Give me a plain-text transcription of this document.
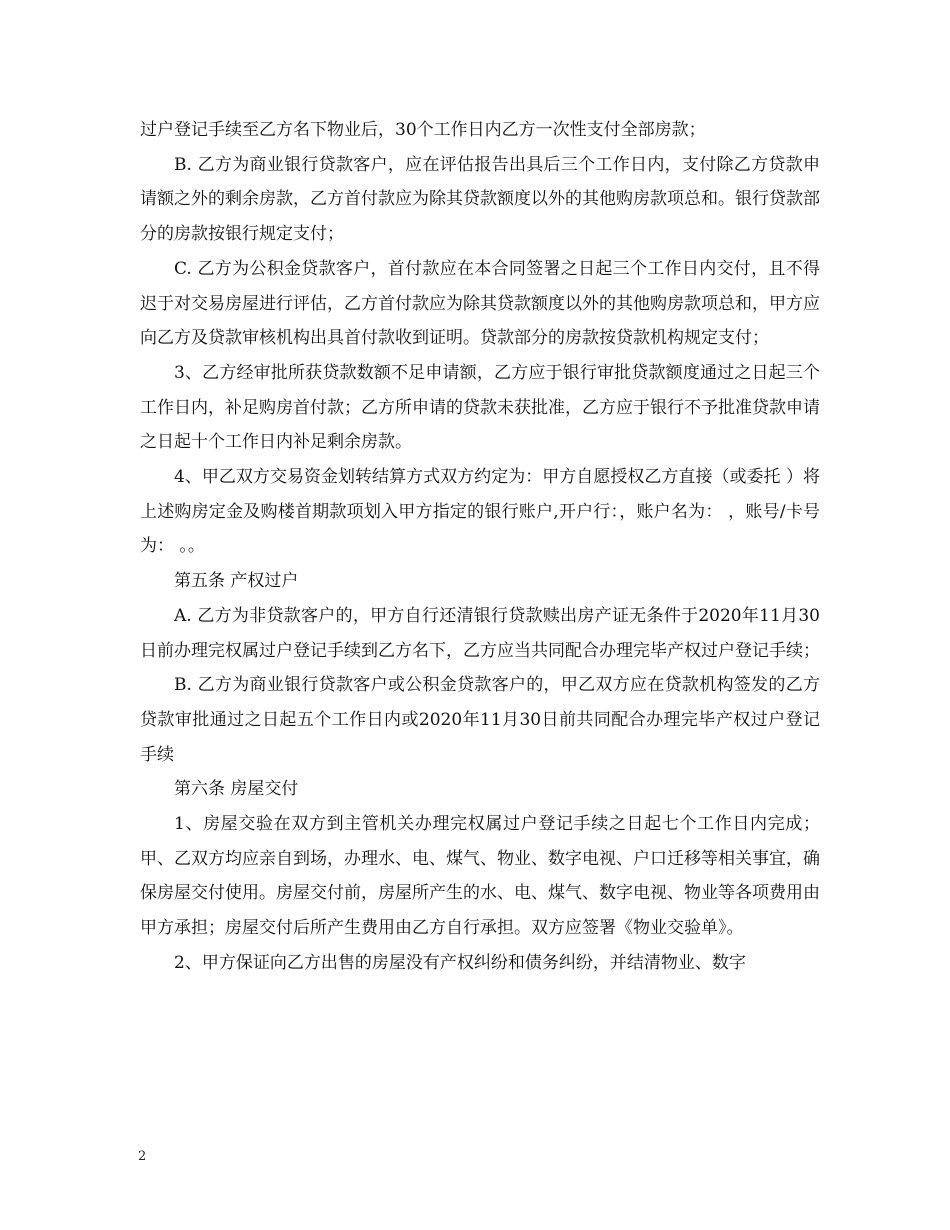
过户登记手续至乙方名下物业后，30个工作日内乙方一次性支付全部房款；

B. 乙方为商业银行贷款客户，应在评估报告出具后三个工作日内，支付除乙方贷款申请额之外的剩余房款，乙方首付款应为除其贷款额度以外的其他购房款项总和。银行贷款部分的房款按银行规定支付；

C. 乙方为公积金贷款客户，首付款应在本合同签署之日起三个工作日内交付，且不得迟于对交易房屋进行评估，乙方首付款应为除其贷款额度以外的其他购房款项总和，甲方应向乙方及贷款审核机构出具首付款收到证明。贷款部分的房款按贷款机构规定支付；

3、乙方经审批所获贷款数额不足申请额，乙方应于银行审批贷款额度通过之日起三个工作日内，补足购房首付款；乙方所申请的贷款未获批准，乙方应于银行不予批准贷款申请之日起十个工作日内补足剩余房款。

4、甲乙双方交易资金划转结算方式双方约定为：甲方自愿授权乙方直接（或委托 ）将上述购房定金及购楼首期款项划入甲方指定的银行账户,开户行：，账户名为： ，账号/卡号为： 。。

第五条 产权过户

A. 乙方为非贷款客户的，甲方自行还清银行贷款赎出房产证无条件于2020年11月30日前办理完权属过户登记手续到乙方名下，乙方应当共同配合办理完毕产权过户登记手续；

B. 乙方为商业银行贷款客户或公积金贷款客户的，甲乙双方应在贷款机构签发的乙方贷款审批通过之日起五个工作日内或2020年11月30日前共同配合办理完毕产权过户登记手续

第六条 房屋交付

1、房屋交验在双方到主管机关办理完权属过户登记手续之日起七个工作日内完成；甲、乙双方均应亲自到场，办理水、电、煤气、物业、数字电视、户口迁移等相关事宜，确保房屋交付使用。房屋交付前，房屋所产生的水、电、煤气、数字电视、物业等各项费用由甲方承担；房屋交付后所产生费用由乙方自行承担。双方应签署《物业交验单》。

2、甲方保证向乙方出售的房屋没有产权纠纷和债务纠纷，并结清物业、数字

2
